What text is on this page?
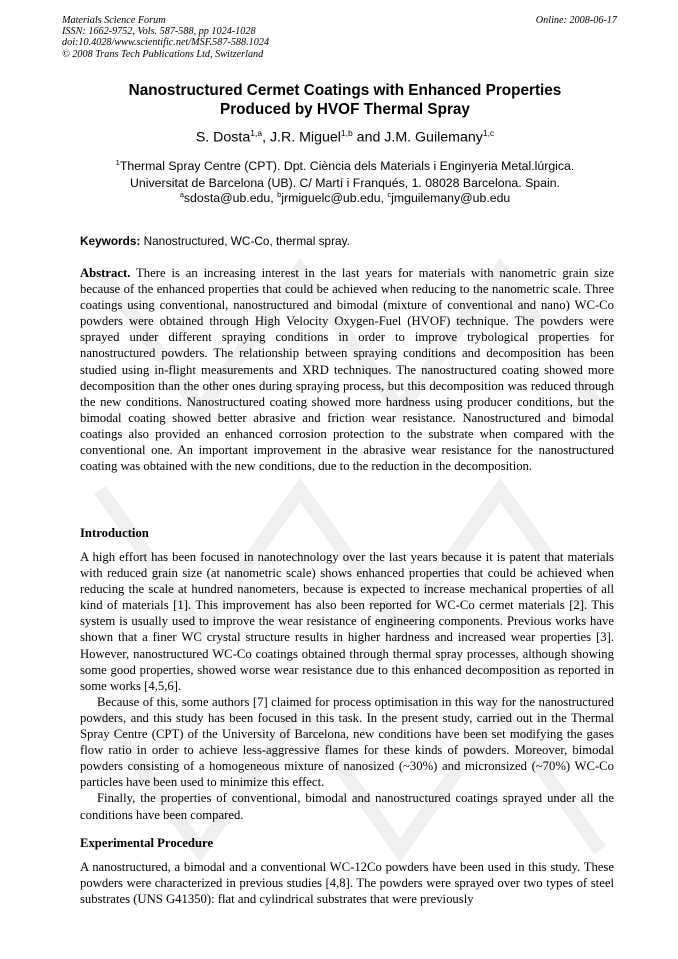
Materials Science Forum
ISSN: 1662-9752, Vols. 587-588, pp 1024-1028
doi:10.4028/www.scientific.net/MSF.587-588.1024
© 2008 Trans Tech Publications Ltd, Switzerland
Online: 2008-06-17
Nanostructured Cermet Coatings with Enhanced Properties
Produced by HVOF Thermal Spray
S. Dosta$^{1,a}$, J.R. Miguel$^{1,b}$ and J.M. Guilemany$^{1,c}$
$^1$Thermal Spray Centre (CPT). Dpt. Ciència dels Materials i Enginyeria Metal.lúrgica.
Universitat de Barcelona (UB). C/ Martí i Franqués, 1. 08028 Barcelona. Spain.
$^a$sdosta@ub.edu, $^b$jrmiguelc@ub.edu, $^c$jmguilemany@ub.edu
Keywords: Nanostructured, WC-Co, thermal spray.

Abstract. There is an increasing interest in the last years for materials with nanometric grain size because of the enhanced properties that could be achieved when reducing to the nanometric scale. Three coatings using conventional, nanostructured and bimodal (mixture of conventional and nano) WC-Co powders were obtained through High Velocity Oxygen-Fuel (HVOF) technique. The powders were sprayed under different spraying conditions in order to improve trybological properties for nanostructured powders. The relationship between spraying conditions and decomposition has been studied using in-flight measurements and XRD techniques. The nanostructured coating showed more decomposition than the other ones during spraying process, but this decomposition was reduced through the new conditions. Nanostructured coating showed more hardness using producer conditions, but the bimodal coating showed better abrasive and friction wear resistance. Nanostructured and bimodal coatings also provided an enhanced corrosion protection to the substrate when compared with the conventional one. An important improvement in the abrasive wear resistance for the nanostructured coating was obtained with the new conditions, due to the reduction in the decomposition.

Introduction

A high effort has been focused in nanotechnology over the last years because it is patent that materials with reduced grain size (at nanometric scale) shows enhanced properties that could be achieved when reducing the scale at hundred nanometers, because is expected to increase mechanical properties of all kind of materials [1]. This improvement has also been reported for WC-Co cermet materials [2]. This system is usually used to improve the wear resistance of engineering components. Previous works have shown that a finer WC crystal structure results in higher hardness and increased wear properties [3]. However, nanostructured WC-Co coatings obtained through thermal spray processes, although showing some good properties, showed worse wear resistance due to this enhanced decomposition as reported in some works [4,5,6].

Because of this, some authors [7] claimed for process optimisation in this way for the nanostructured powders, and this study has been focused in this task. In the present study, carried out in the Thermal Spray Centre (CPT) of the University of Barcelona, new conditions have been set modifying the gases flow ratio in order to achieve less-aggressive flames for these kinds of powders. Moreover, bimodal powders consisting of a homogeneous mixture of nanosized (~30%) and micronsized (~70%) WC-Co particles have been used to minimize this effect.

Finally, the properties of conventional, bimodal and nanostructured coatings sprayed under all the conditions have been compared.

Experimental Procedure

A nanostructured, a bimodal and a conventional WC-12Co powders have been used in this study. These powders were characterized in previous studies [4,8]. The powders were sprayed over two types of steel substrates (UNS G41350): flat and cylindrical substrates that were previously
